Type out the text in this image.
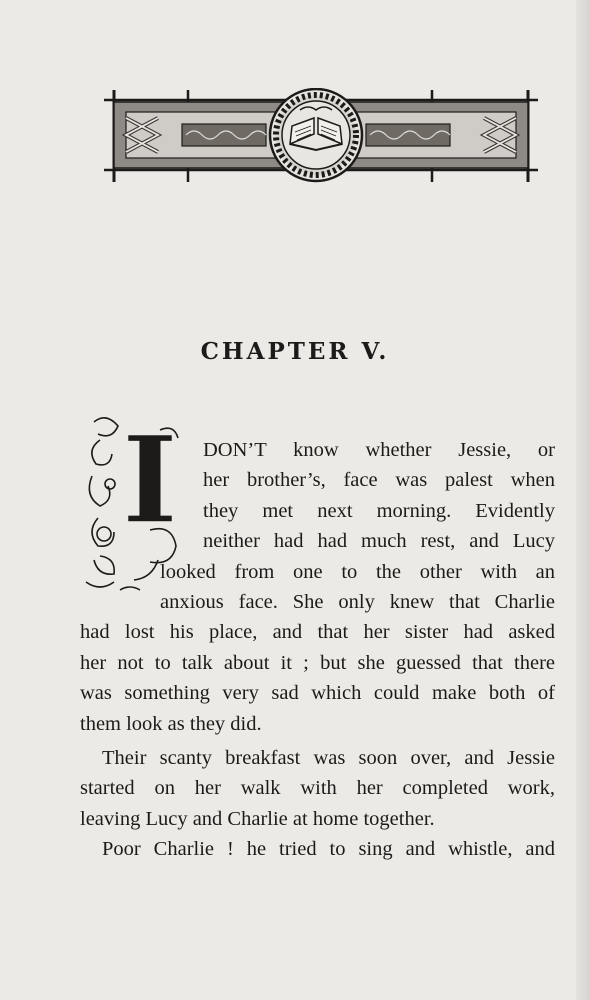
CHAPTER V.
I DON’T know whether Jessie, or
her brother’s, face was palest when
they met next morning. Evidently
neither had had much rest, and Lucy
looked from one to the other with an
anxious face. She only knew that Charlie
had lost his place, and that her sister had asked
her not to talk about it ; but she guessed that there
was something very sad which could make both of
them look as they did.
Their scanty breakfast was soon over, and Jessie
started on her walk with her completed work,
leaving Lucy and Charlie at home together.
Poor Charlie ! he tried to sing and whistle, and
